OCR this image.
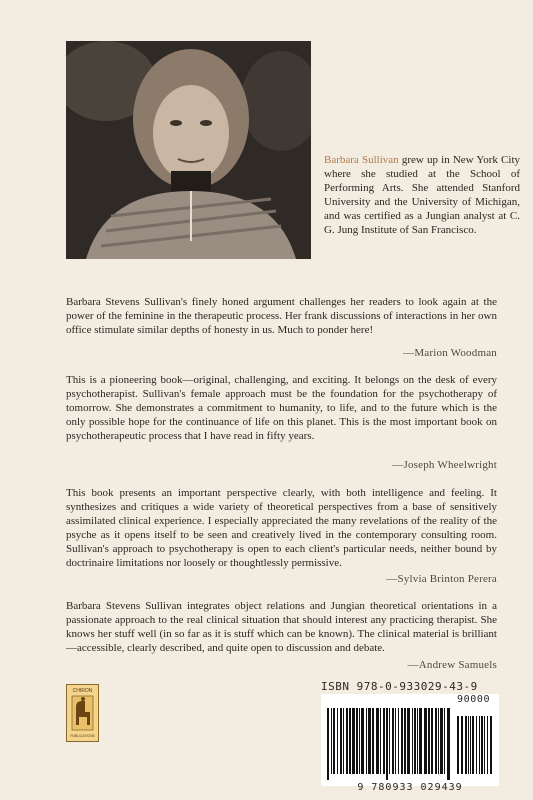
Barbara Sullivan grew up in New York City where she studied at the School of Performing Arts. She attended Stanford University and the University of Michigan, and was certified as a Jungian analyst at C. G. Jung Institute of San Francisco.
Barbara Stevens Sullivan's finely honed argument challenges her readers to look again at the power of the feminine in the therapeutic process. Her frank discussions of interactions in her own office stimulate similar depths of honesty in us. Much to ponder here!
—Marion Woodman
This is a pioneering book—original, challenging, and exciting. It belongs on the desk of every psychotherapist. Sullivan's female approach must be the foundation for the psychotherapy of tomorrow. She demonstrates a commitment to humanity, to life, and to the future which is the only possible hope for the continuance of life on this planet. This is the most important book on psychotherapeutic process that I have read in fifty years.
—Joseph Wheelwright
This book presents an important perspective clearly, with both intelligence and feeling. It synthesizes and critiques a wide variety of theoretical perspectives from a base of sensitively assimilated clinical experience. I especially appreciated the many revelations of the reality of the psyche as it opens itself to be seen and creatively lived in the contemporary consulting room. Sullivan's approach to psychotherapy is open to each client's particular needs, neither bound by doctrinaire limitations nor loosely or thoughtlessly permissive.
—Sylvia Brinton Perera
Barbara Stevens Sullivan integrates object relations and Jungian theoretical orientations in a passionate approach to the real clinical situation that should interest any practicing therapist. She knows her stuff well (in so far as it is stuff which can be known). The clinical material is brilliant—accessible, clearly described, and quite open to discussion and debate.
—Andrew Samuels
CHIRON
PUBLICATIONS
ISBN 978-0-933029-43-9
90000
9 780933 029439
